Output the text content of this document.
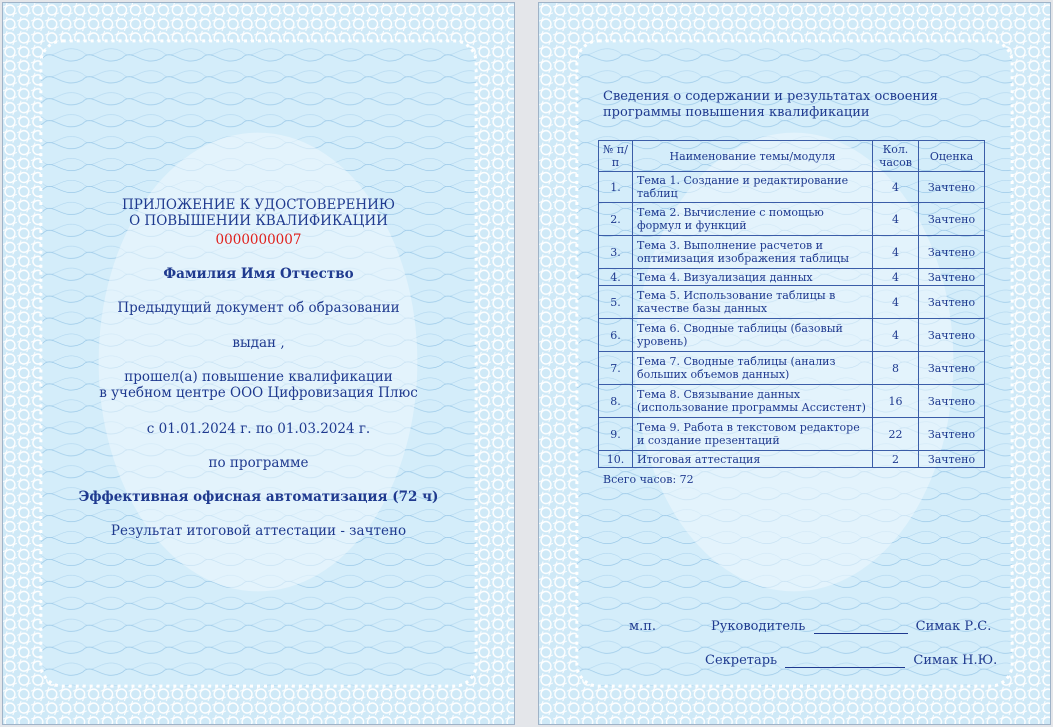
ПРИЛОЖЕНИЕ К УДОСТОВЕРЕНИЮ
О ПОВЫШЕНИИ КВАЛИФИКАЦИИ
0000000007
Фамилия Имя Отчество
Предыдущий документ об образовании
выдан ,
прошел(а) повышение квалификации
в учебном центре ООО Цифровизация Плюс
с 01.01.2024 г. по 01.03.2024 г.
по программе
Эффективная офисная автоматизация (72 ч)
Результат итоговой аттестации - зачтено
Сведения о содержании и результатах освоения
программы повышения квалификации
№ п/п	Наименование темы/модуля	Кол. часов	Оценка
1.	Тема 1. Создание и редактирование таблиц	4	Зачтено
2.	Тема 2. Вычисление с помощью формул и функций	4	Зачтено
3.	Тема 3. Выполнение расчетов и оптимизация изображения таблицы	4	Зачтено
4.	Тема 4. Визуализация данных	4	Зачтено
5.	Тема 5. Использование таблицы в качестве базы данных	4	Зачтено
6.	Тема 6. Сводные таблицы (базовый уровень)	4	Зачтено
7.	Тема 7. Сводные таблицы (анализ больших объемов данных)	8	Зачтено
8.	Тема 8. Связывание данных (использование программы Ассистент)	16	Зачтено
9.	Тема 9. Работа в текстовом редакторе и создание презентаций	22	Зачтено
10.	Итоговая аттестация	2	Зачтено
Всего часов: 72
м.п.	Руководитель	Симак Р.С.
Секретарь	Симак Н.Ю.
